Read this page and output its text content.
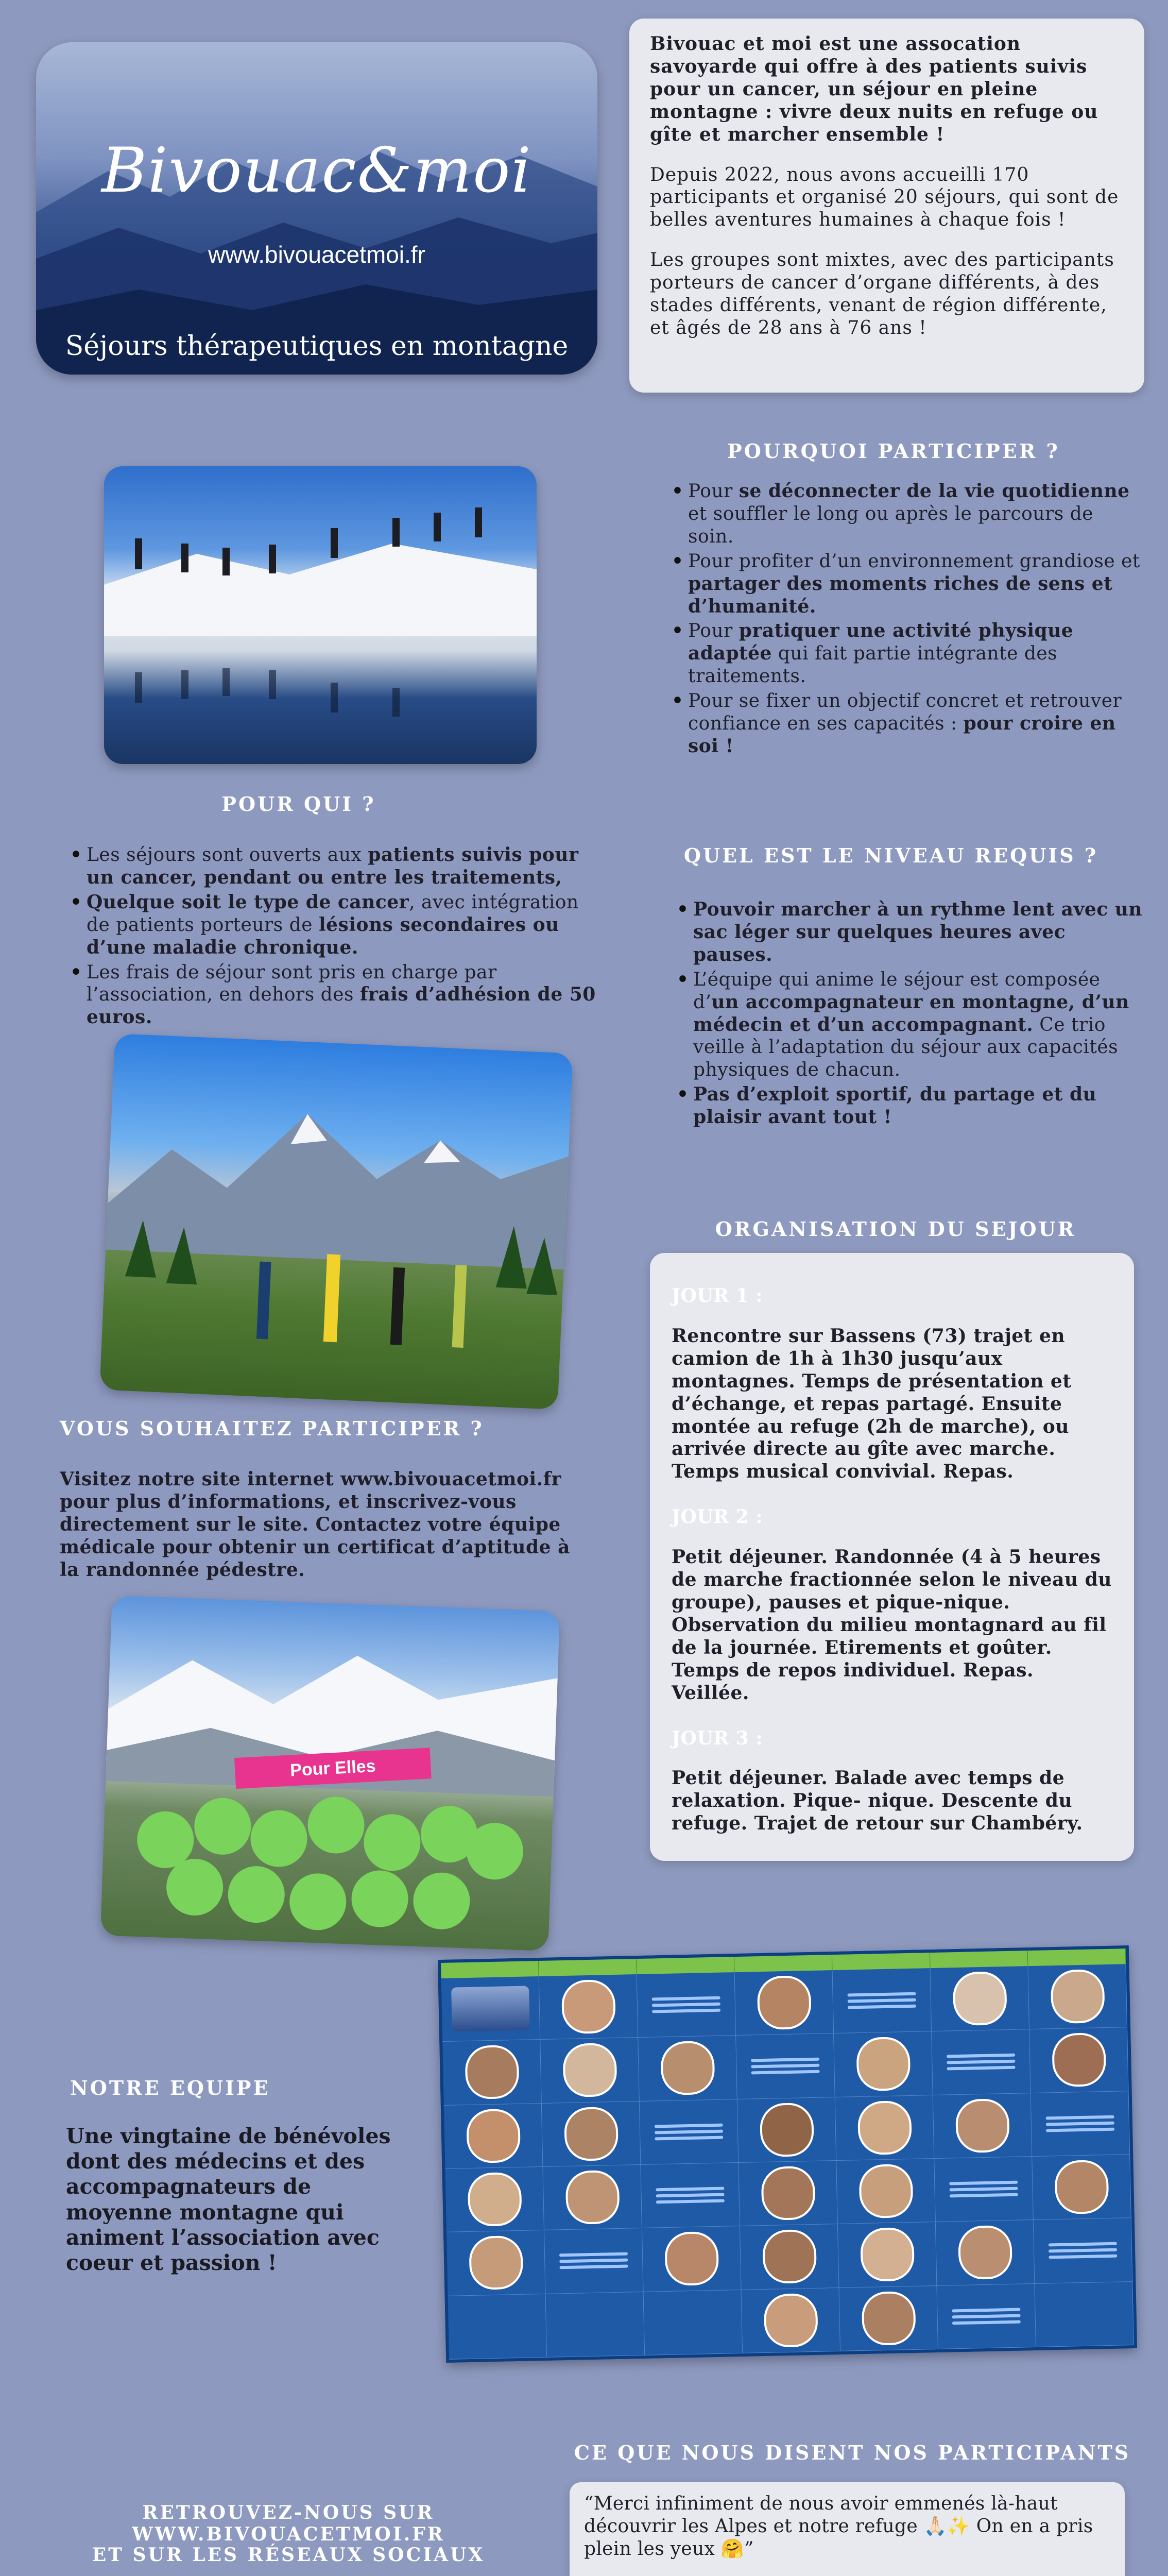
Bivouac&moi
www.bivouacetmoi.fr
Séjours thérapeutiques en montagne

Bivouac et moi est une assocation savoyarde qui offre à des patients suivis pour un cancer, un séjour en pleine montagne : vivre deux nuits en refuge ou gîte et marcher ensemble !

Depuis 2022, nous avons accueilli 170 participants et organisé 20 séjours, qui sont de belles aventures humaines à chaque fois !

Les groupes sont mixtes, avec des participants porteurs de cancer d’organe différents, à des stades différents, venant de région différente, et âgés de 28 ans à 76 ans !

POURQUOI PARTICIPER ?
• Pour se déconnecter de la vie quotidienne et souffler le long ou après le parcours de soin.
• Pour profiter d’un environnement grandiose et partager des moments riches de sens et d’humanité.
• Pour pratiquer une activité physique adaptée qui fait partie intégrante des traitements.
• Pour se fixer un objectif concret et retrouver confiance en ses capacités : pour croire en soi !
POUR QUI ?
• Les séjours sont ouverts aux patients suivis pour un cancer, pendant ou entre les traitements,
• Quelque soit le type de cancer, avec intégration de patients porteurs de lésions secondaires ou d’une maladie chronique.
• Les frais de séjour sont pris en charge par l’association, en dehors des frais d’adhésion de 50 euros.
QUEL EST LE NIVEAU REQUIS ?
• Pouvoir marcher à un rythme lent avec un sac léger sur quelques heures avec pauses.
• L’équipe qui anime le séjour est composée d’un accompagnateur en montagne, d’un médecin et d’un accompagnant. Ce trio veille à l’adaptation du séjour aux capacités physiques de chacun.
• Pas d’exploit sportif, du partage et du plaisir avant tout !
ORGANISATION DU SEJOUR
JOUR 1 :
Rencontre sur Bassens (73) trajet en camion de 1h à 1h30 jusqu’aux montagnes. Temps de présentation et d’échange, et repas partagé. Ensuite montée au refuge (2h de marche), ou arrivée directe au gîte avec marche. Temps musical convivial. Repas.
JOUR 2 :
Petit déjeuner. Randonnée (4 à 5 heures de marche fractionnée selon le niveau du groupe), pauses et pique-nique. Observation du milieu montagnard au fil de la journée. Etirements et goûter. Temps de repos individuel. Repas. Veillée.
JOUR 3 :
Petit déjeuner. Balade avec temps de relaxation. Pique- nique. Descente du refuge. Trajet de retour sur Chambéry.
VOUS SOUHAITEZ PARTICIPER ?
Visitez notre site internet www.bivouacetmoi.fr pour plus d’informations, et inscrivez-vous directement sur le site. Contactez votre équipe médicale pour obtenir un certificat d’aptitude à la randonnée pédestre.
Pour Elles
NOTRE EQUIPE
Une vingtaine de bénévoles dont des médecins et des accompagnateurs de moyenne montagne qui animent l’association avec coeur et passion !
CE QUE NOUS DISENT NOS PARTICIPANTS

“Merci infiniment de nous avoir emmenés là-haut découvrir les Alpes et notre refuge 🙏🏻✨ On en a pris plein les yeux 🤗”

RETROUVEZ-NOUS SUR WWW.BIVOUACETMOI.FR
ET SUR LES RÉSEAUX SOCIAUX
